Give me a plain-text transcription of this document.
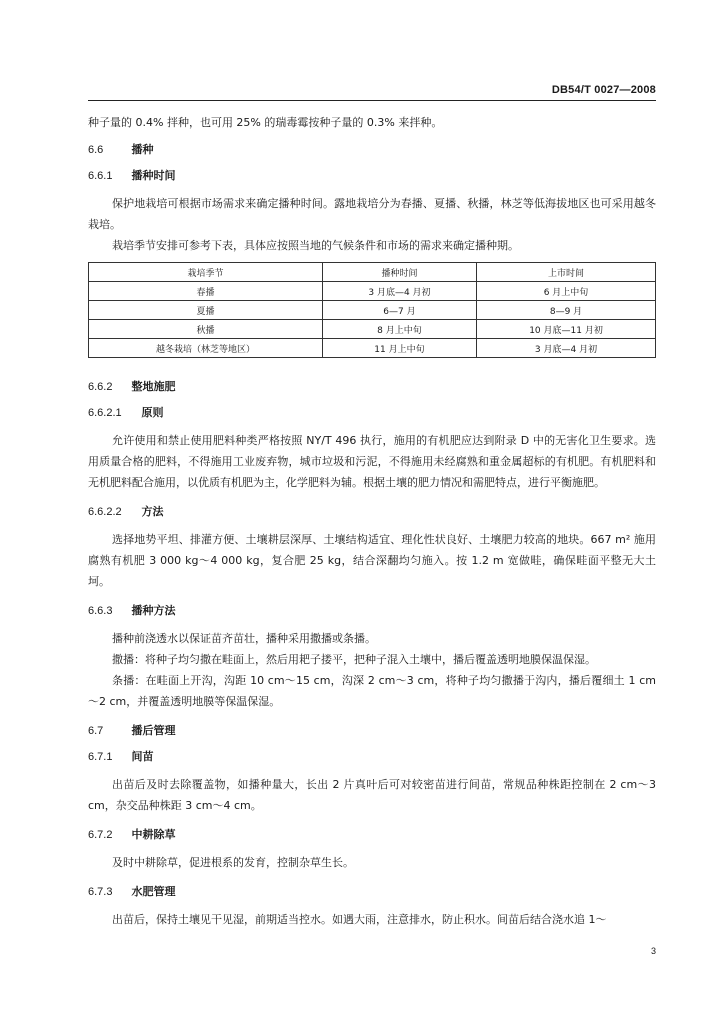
DB54/T 0027—2008

种子量的 0.4% 拌种，也可用 25% 的瑞毒霉按种子量的 0.3% 来拌种。

6.6	播种
6.6.1 播种时间

保护地栽培可根据市场需求来确定播种时间。露地栽培分为春播、夏播、秋播，林芝等低海拔地区也可采用越冬栽培。

栽培季节安排可参考下表，具体应按照当地的气候条件和市场的需求来确定播种期。

栽培季节	播种时间	上市时间
春播	3 月底—4 月初	6 月上中旬
夏播	6—7 月	8—9 月
秋播	8 月上中旬	10 月底—11 月初
越冬栽培（林芝等地区）	11 月上中旬	3 月底—4 月初
6.6.2 整地施肥
6.6.2.1 原则

允许使用和禁止使用肥料种类严格按照 NY/T 496 执行，施用的有机肥应达到附录 D 中的无害化卫生要求。选用质量合格的肥料，不得施用工业废弃物，城市垃圾和污泥，不得施用未经腐熟和重金属超标的有机肥。有机肥料和无机肥料配合施用，以优质有机肥为主，化学肥料为辅。根据土壤的肥力情况和需肥特点，进行平衡施肥。

6.6.2.2 方法

选择地势平坦、排灌方便、土壤耕层深厚、土壤结构适宜、理化性状良好、土壤肥力较高的地块。667 m² 施用腐熟有机肥 3 000 kg～4 000 kg，复合肥 25 kg，结合深翻均匀施入。按 1.2 m 宽做畦，确保畦面平整无大土坷。

6.6.3 播种方法

播种前浇透水以保证苗齐苗壮，播种采用撒播或条播。

撒播：将种子均匀撒在畦面上，然后用耙子搂平，把种子混入土壤中，播后覆盖透明地膜保温保湿。

条播：在畦面上开沟，沟距 10 cm～15 cm，沟深 2 cm～3 cm，将种子均匀撒播于沟内，播后覆细土 1 cm～2 cm，并覆盖透明地膜等保温保湿。

6.7	播后管理
6.7.1 间苗

出苗后及时去除覆盖物，如播种量大，长出 2 片真叶后可对较密苗进行间苗，常规品种株距控制在 2 cm～3 cm，杂交品种株距 3 cm～4 cm。

6.7.2 中耕除草

及时中耕除草，促进根系的发育，控制杂草生长。

6.7.3 水肥管理

出苗后，保持土壤见干见湿，前期适当控水。如遇大雨，注意排水，防止积水。间苗后结合浇水追 1～

3
